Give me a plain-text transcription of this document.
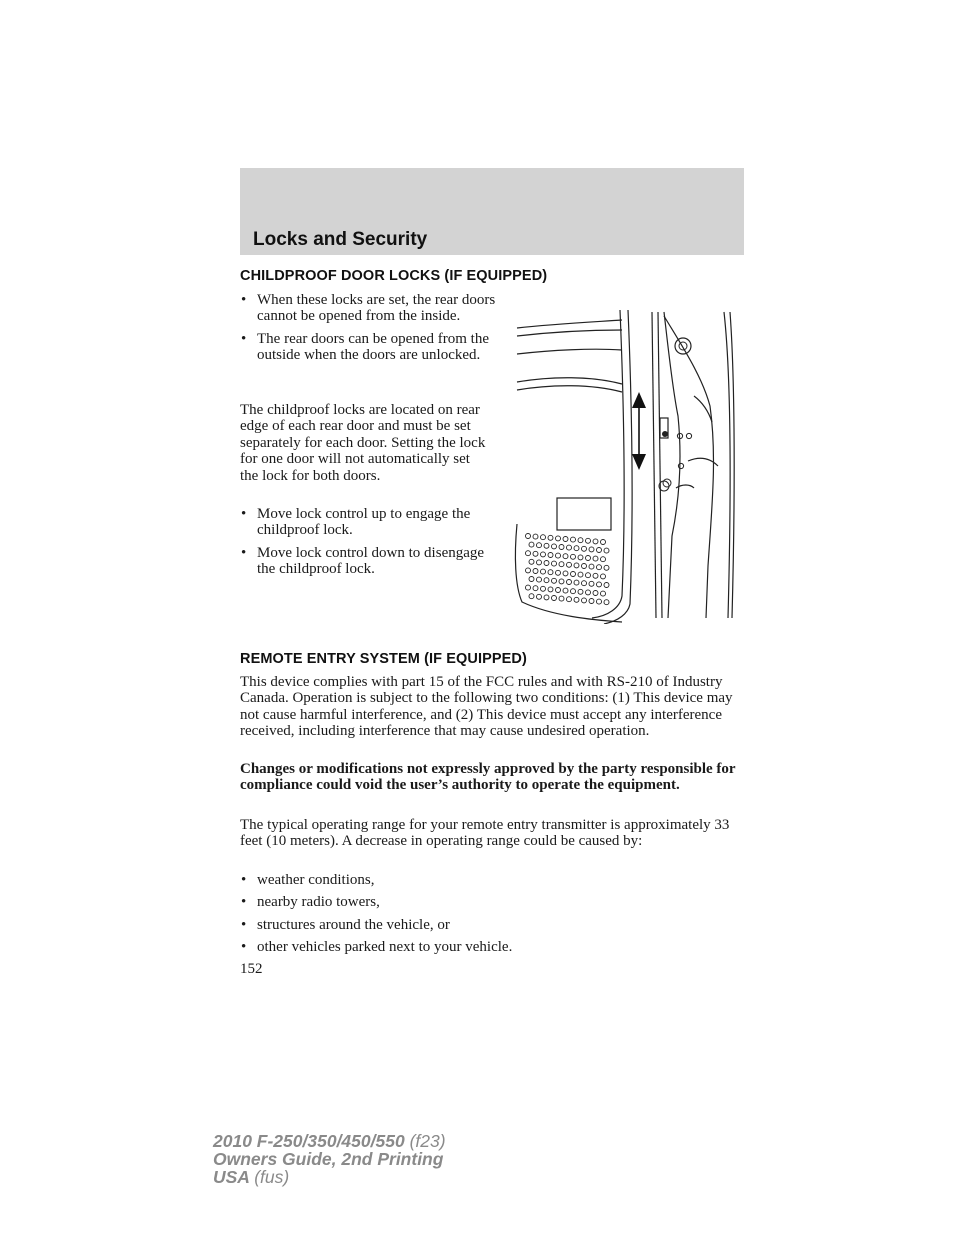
Locks and Security
CHILDPROOF DOOR LOCKS (IF EQUIPPED)
• When these locks are set, the rear doors cannot be opened from the inside.
• The rear doors can be opened from the outside when the doors are unlocked.
The childproof locks are located on rear edge of each rear door and must be set separately for each door. Setting the lock for one door will not automatically set the lock for both doors.
• Move lock control up to engage the childproof lock.
• Move lock control down to disengage the childproof lock.
REMOTE ENTRY SYSTEM (IF EQUIPPED)
This device complies with part 15 of the FCC rules and with RS-210 of Industry Canada. Operation is subject to the following two conditions: (1) This device may not cause harmful interference, and (2) This device must accept any interference received, including interference that may cause undesired operation.
Changes or modifications not expressly approved by the party responsible for compliance could void the user’s authority to operate the equipment.
The typical operating range for your remote entry transmitter is approximately 33 feet (10 meters). A decrease in operating range could be caused by:
• weather conditions,
• nearby radio towers,
• structures around the vehicle, or
• other vehicles parked next to your vehicle.
152
2010 F-250/350/450/550 (f23)
Owners Guide, 2nd Printing
USA (fus)
